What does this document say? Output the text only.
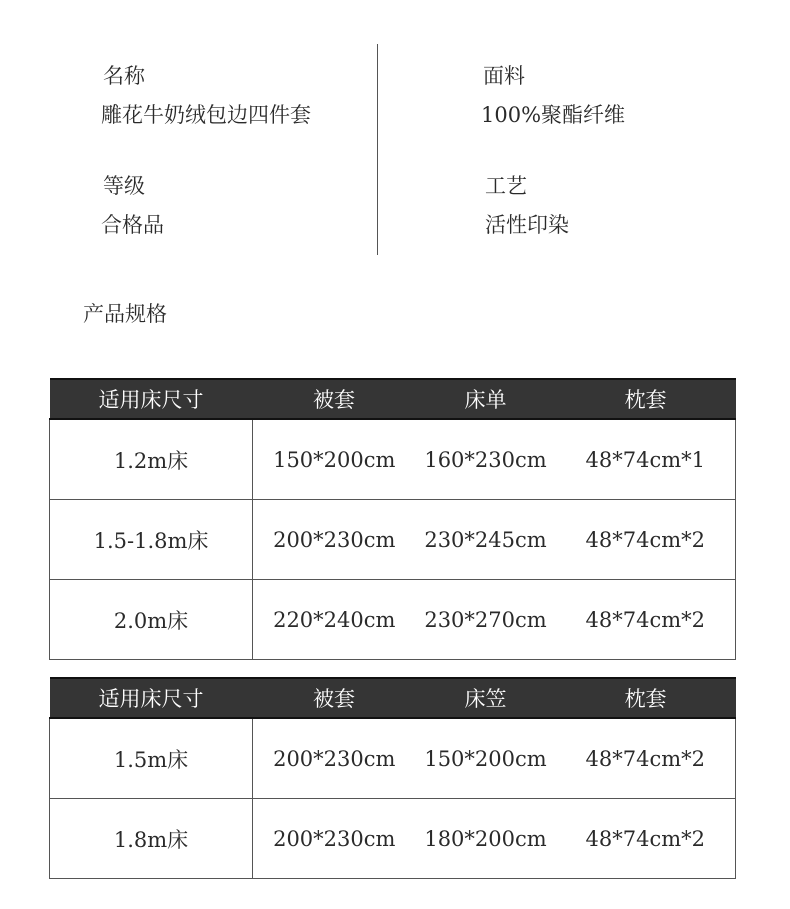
名称
雕花牛奶绒包边四件套
面料
100%聚酯纤维
等级
合格品
工艺
活性印染
产品规格
适用床尺寸	被套	床单	枕套
1.2m床	150*200cm	160*230cm	48*74cm*1
1.5-1.8m床	200*230cm	230*245cm	48*74cm*2
2.0m床	220*240cm	230*270cm	48*74cm*2
适用床尺寸	被套	床笠	枕套
1.5m床	200*230cm	150*200cm	48*74cm*2
1.8m床	200*230cm	180*200cm	48*74cm*2
